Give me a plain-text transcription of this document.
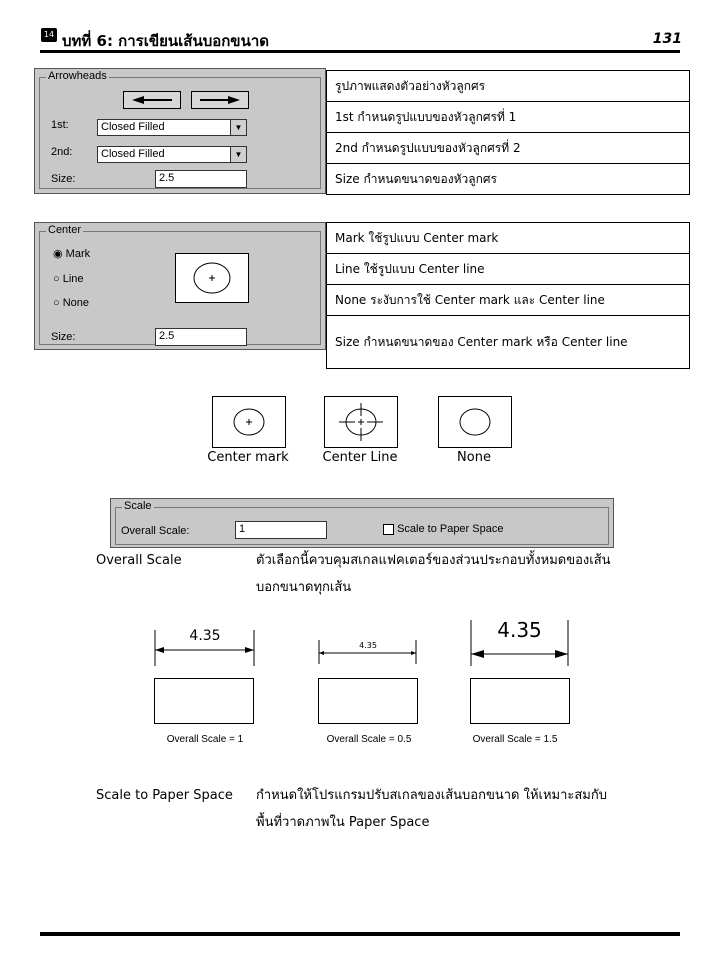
14 บทที่ 6: การเขียนเส้นบอกขนาด	131
Arrowheads
1st:	Closed Filled	▼
2nd:	Closed Filled	▼
Size:	2.5
รูปภาพแสดงตัวอย่างหัวลูกศร
1st กำหนดรูปแบบของหัวลูกศรที่ 1
2nd กำหนดรูปแบบของหัวลูกศรที่ 2
Size กำหนดขนาดของหัวลูกศร
Center
◉ Mark
○ Line
○ None
Size:	2.5
Mark ใช้รูปแบบ Center mark
Line ใช้รูปแบบ Center line
None ระงับการใช้ Center mark และ Center line
Size กำหนดขนาดของ Center mark หรือ Center line
Center mark	Center Line	None
Scale
Overall Scale:	1	Scale to Paper Space
Overall Scale	ตัวเลือกนี้ควบคุมสเกลแฟคเตอร์ของส่วนประกอบทั้งหมดของเส้น
บอกขนาดทุกเส้น
4.35
Overall Scale = 1
4.35
Overall Scale = 0.5
4.35
Overall Scale = 1.5
Scale to Paper Space กำหนดให้โปรแกรมปรับสเกลของเส้นบอกขนาด ให้เหมาะสมกับ
พื้นที่วาดภาพใน Paper Space
